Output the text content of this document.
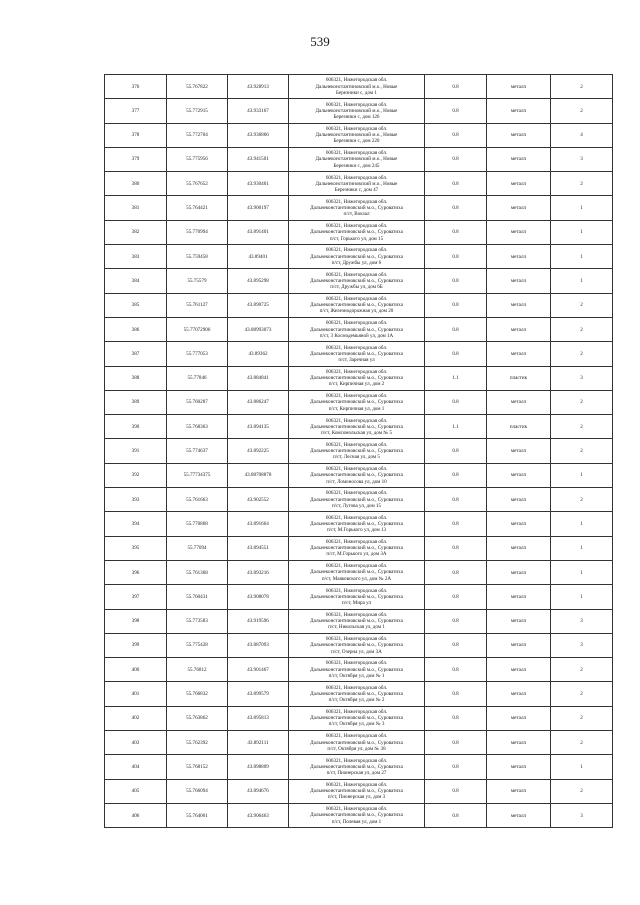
539
376	55.767822	43.928913	606321, Нижегородская обл.
Дальнеконстантиновский м.о., Новые
Березники с, дом 1	0.8	металл	2
377	55.772915	43.933167	606321, Нижегородская обл.
Дальнеконстантиновский м.о., Новые
Березники с, дом 126	0.8	металл	2
378	55.772704	43.936866	606321, Нижегородская обл.
Дальнеконстантиновский м.о., Новые
Березники с, дом 220	0.8	металл	4
379	55.775956	43.941501	606321, Нижегородская обл.
Дальнеконстантиновский м.о., Новые
Березники с, дом 245	0.8	металл	3
380	55.767652	43.930461	606321, Нижегородская обл.
Дальнеконстантиновский м.о., Новые
Березники с, дом 47	0.8	металл	2
381	55.764421	43.900197	606321, Нижегородская обл.
Дальнеконстантиновский м.о., Суроватиха
п/ст, Вокзал	0.8	металл	1
382	55.770994	43.891401	606321, Нижегородская обл.
Дальнеконстантиновский м.о., Суроватиха
п/ст, Горького ул, дом 15	0.8	металл	1
383	55.759458	43.89401	606321, Нижегородская обл.
Дальнеконстантиновский м.о., Суроватиха
п/ст, Дружбы ул, дом 6	0.8	металл	1
384	55.75579	43.895298	606321, Нижегородская обл.
Дальнеконстантиновский м.о., Суроватиха
п/ст, Дружбы ул, дом 6Б	0.8	металл	1
385	55.761127	43.890725	606321, Нижегородская обл.
Дальнеконстантиновский м.о., Суроватиха
п/ст, Железнодорожная ул, дом 20	0.8	металл	2
386	55.77072906	43.88993073	606321, Нижегородская обл.
Дальнеконстантиновский м.о., Суроватиха
п/ст, 3 Космодемьяной ул, дом 1А	0.8	металл	2
387	55.777053	43.89362	606321, Нижегородская обл.
Дальнеконстантиновский м.о., Суроватиха
п/ст, Заречная ул	0.8	металл	2
388	55.77846	43.884841	606321, Нижегородская обл.
Дальнеконстантиновский м.о., Суроватиха
п/ст, Кирпичная ул, дом 2	1.1	пластик	3
389	55.760287	43.886247	606321, Нижегородская обл.
Дальнеконстантиновский м.о., Суроватиха
п/ст, Кирпичная ул, дом 1	0.8	металл	2
390	55.768363	43.894135	606321, Нижегородская обл.
Дальнеконстантиновский м.о., Суроватиха
п/ст, Комсомольская ул, дом № 5	1.1	пластик	2
391	55.774637	43.892225	606321, Нижегородская обл.
Дальнеконстантиновский м.о., Суроватиха
п/ст, Лесная ул, дом 5	0.8	металл	2
392	55.77734375	43.88708878	606321, Нижегородская обл.
Дальнеконстантиновский м.о., Суроватиха
п/ст, Ломоносова ул, дом 10	0.8	металл	1
393	55.761663	43.902552	606321, Нижегородская обл.
Дальнеконстантиновский м.о., Суроватиха
п/ст, Лугова ул, дом 15	0.8	металл	2
394	55.770868	43.891664	606321, Нижегородская обл.
Дальнеконстантиновский м.о., Суроватиха
п/ст, М.Горького ул, дом 13	0.8	металл	1
395	55.77094	43.894551	606321, Нижегородская обл.
Дальнеконстантиновский м.о., Суроватиха
п/ст, М.Горького ул, дом 3А	0.8	металл	1
396	55.761368	43.893216	606321, Нижегородская обл.
Дальнеконстантиновский м.о., Суроватиха
п/ст, Маяковского ул, дом № 2А	0.8	металл	1
397	55.760431	43.908078	606321, Нижегородская обл.
Дальнеконстантиновский м.о., Суроватиха
п/ст, Мира ул	0.8	металл	1
398	55.773583	43.919596	606321, Нижегородская обл.
Дальнеконстантиновский м.о., Суроватиха
п/ст, Никольская ул, дом 1	0.8	металл	3
399	55.775428	43.887093	606321, Нижегородская обл.
Дальнеконстантиновский м.о., Суроватиха
п/ст, Озерна ул, дом 3А	0.8	металл	3
400	55.76812	43.901467	606321, Нижегородская обл.
Дальнеконстантиновский м.о., Суроватиха
п/ст, Октября ул, дом № 1	0.8	металл	2
401	55.766832	43.899579	606321, Нижегородская обл.
Дальнеконстантиновский м.о., Суроватиха
п/ст, Октября ул, дом № 2	0.8	металл	2
402	55.763862	43.895813	606321, Нижегородская обл.
Дальнеконстантиновский м.о., Суроватиха
п/ст, Октября ул, дом № 3	0.8	металл	2
403	55.762392	43.892111	606321, Нижегородская обл.
Дальнеконстантиновский м.о., Суроватиха
п/ст, Октября ул, дом № 38	0.8	металл	2
404	55.768152	43.898809	606321, Нижегородская обл.
Дальнеконстантиновский м.о., Суроватиха
п/ст, Пионерская ул, дом 27	0.8	металл	1
405	55.766094	43.894676	606321, Нижегородская обл.
Дальнеконстантиновский м.о., Суроватиха
п/ст, Пионерская ул, дом 3	0.8	металл	2
406	55.764001	43.906463	606321, Нижегородская обл.
Дальнеконстантиновский м.о., Суроватиха
п/ст, Полевая ул, дом 1	0.8	металл	3
